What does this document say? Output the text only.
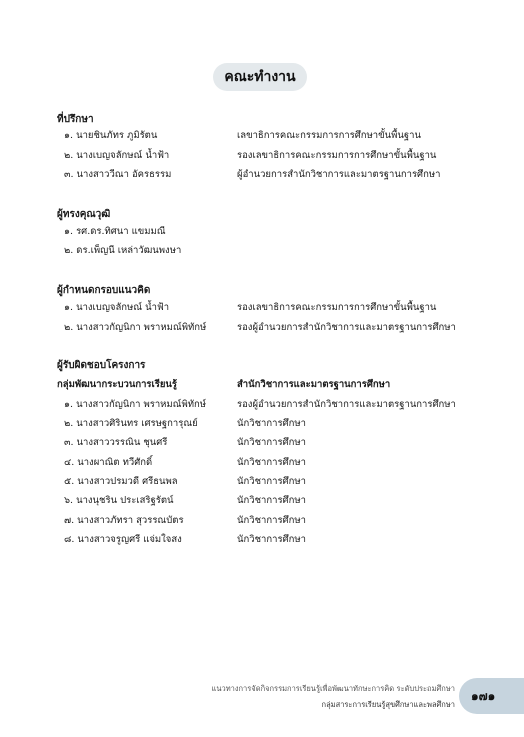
คณะทำงาน
ที่ปรึกษา
๑. นายชินภัทร ภูมิรัตน	เลขาธิการคณะกรรมการการศึกษาขั้นพื้นฐาน
๒. นางเบญจลักษณ์ น้ำฟ้า	รองเลขาธิการคณะกรรมการการศึกษาขั้นพื้นฐาน
๓. นางสาววีณา อัครธรรม	ผู้อำนวยการสำนักวิชาการและมาตรฐานการศึกษา
ผู้ทรงคุณวุฒิ
๑. รศ.ดร.ทิศนา แขมมณี
๒. ดร.เพ็ญนี เหล่าวัฒนพงษา
ผู้กำหนดกรอบแนวคิด
๑. นางเบญจลักษณ์ น้ำฟ้า	รองเลขาธิการคณะกรรมการการศึกษาขั้นพื้นฐาน
๒. นางสาวกัญนิกา พราหมณ์พิทักษ์	รองผู้อำนวยการสำนักวิชาการและมาตรฐานการศึกษา
ผู้รับผิดชอบโครงการ
กลุ่มพัฒนากระบวนการเรียนรู้	สำนักวิชาการและมาตรฐานการศึกษา
๑. นางสาวกัญนิกา พราหมณ์พิทักษ์	รองผู้อำนวยการสำนักวิชาการและมาตรฐานการศึกษา
๒. นางสาวศิรินทร เศรษฐการุณย์	นักวิชาการศึกษา
๓. นางสาววรรณิน ชุนศรี	นักวิชาการศึกษา
๔. นางผาณิต ทวีศักดิ์	นักวิชาการศึกษา
๕. นางสาวปรมวดี ศรีธนพล	นักวิชาการศึกษา
๖. นางนุชริน ประเสริฐรัตน์	นักวิชาการศึกษา
๗. นางสาวภัทรา สุวรรณบัตร	นักวิชาการศึกษา
๘. นางสาวจรูญศรี แจ่มใจสง	นักวิชาการศึกษา
แนวทางการจัดกิจกรรมการเรียนรู้เพื่อพัฒนาทักษะการคิด ระดับประถมศึกษา
กลุ่มสาระการเรียนรู้สุขศึกษาและพลศึกษา
๑๗๑
